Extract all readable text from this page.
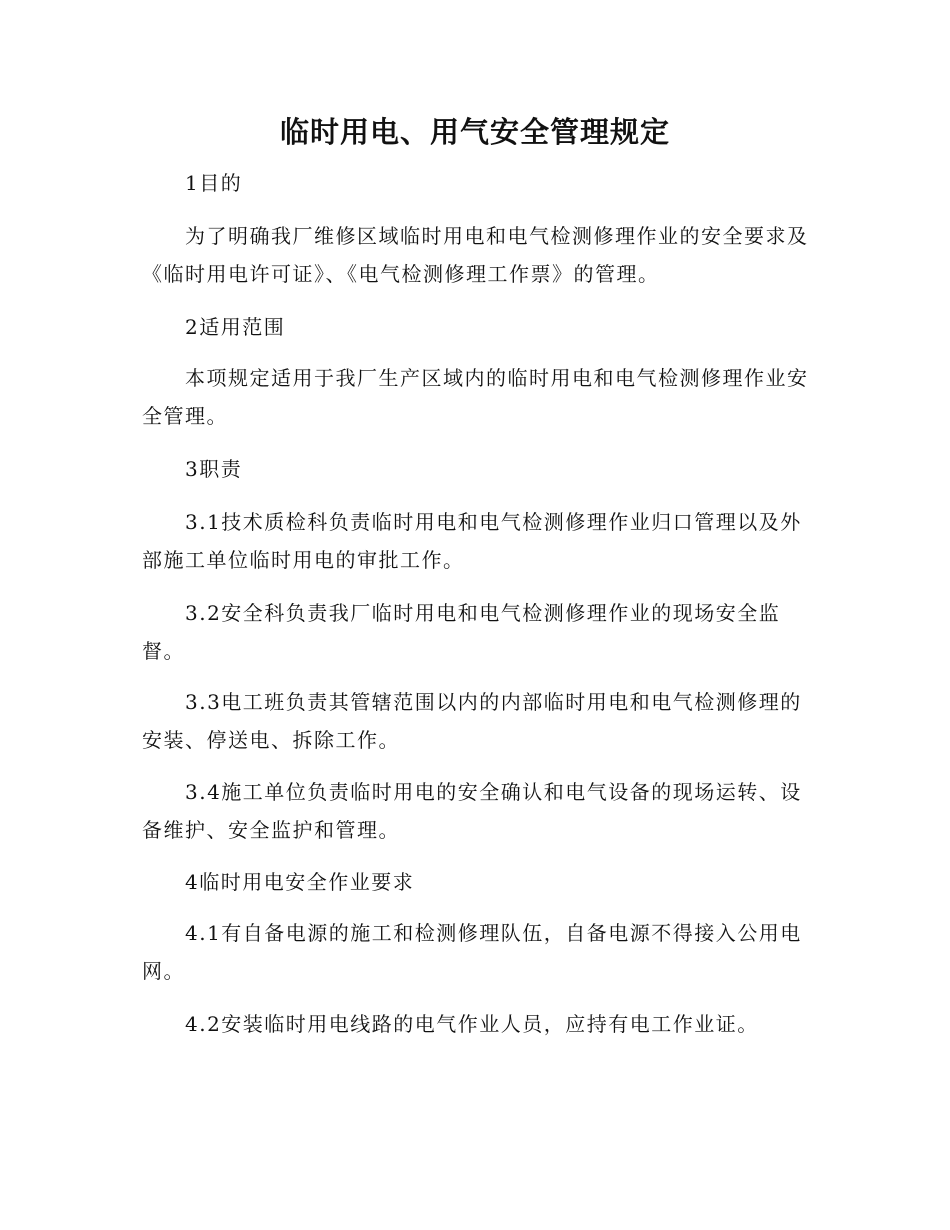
临时用电、用气安全管理规定

1目的

为了明确我厂维修区域临时用电和电气检测修理作业的安全要求及《临时用电许可证》、《电气检测修理工作票》的管理。

2适用范围

本项规定适用于我厂生产区域内的临时用电和电气检测修理作业安全管理。

3职责

3.1技术质检科负责临时用电和电气检测修理作业归口管理以及外部施工单位临时用电的审批工作。

3.2安全科负责我厂临时用电和电气检测修理作业的现场安全监督。

3.3电工班负责其管辖范围以内的内部临时用电和电气检测修理的安装、停送电、拆除工作。

3.4施工单位负责临时用电的安全确认和电气设备的现场运转、设备维护、安全监护和管理。

4临时用电安全作业要求

4.1有自备电源的施工和检测修理队伍，自备电源不得接入公用电网。

4.2安装临时用电线路的电气作业人员，应持有电工作业证。
